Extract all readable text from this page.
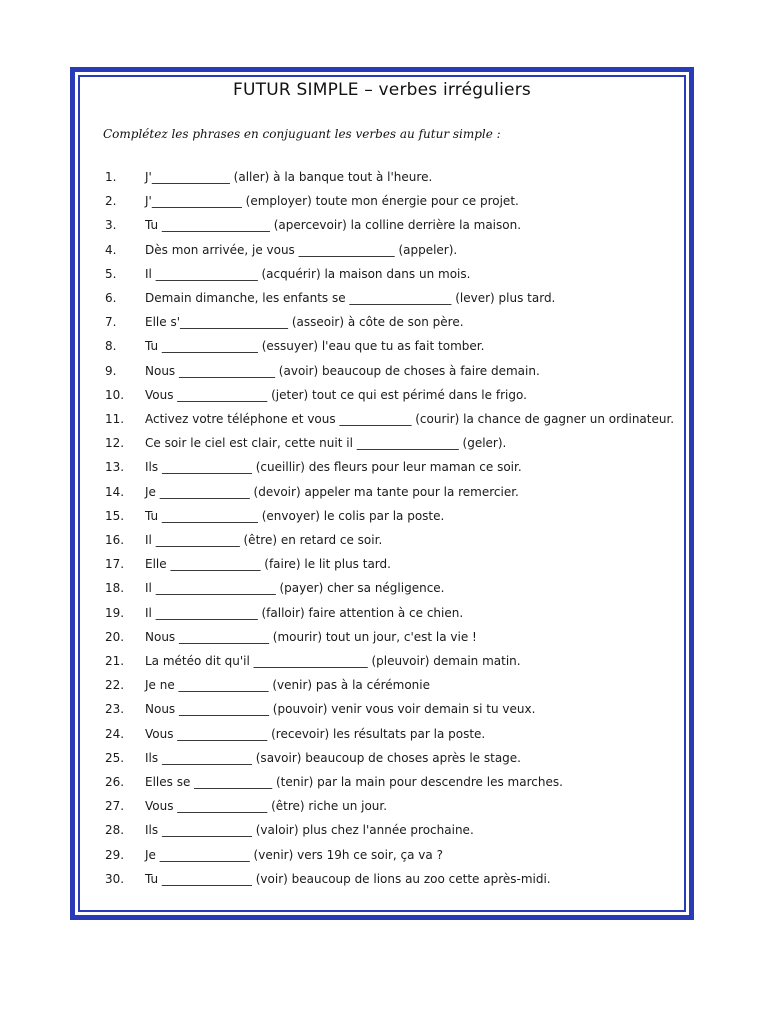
FUTUR SIMPLE – verbes irréguliers
Complétez les phrases en conjuguant les verbes au futur simple :
1.	J'_____________ (aller) à la banque tout à l'heure.
2.	J'_______________ (employer) toute mon énergie pour ce projet.
3.	Tu __________________ (apercevoir) la colline derrière la maison.
4.	Dès mon arrivée, je vous ________________ (appeler).
5.	Il _________________ (acquérir) la maison dans un mois.
6.	Demain dimanche, les enfants se _________________ (lever) plus tard.
7.	Elle s'__________________ (asseoir) à côte de son père.
8.	Tu ________________ (essuyer) l'eau que tu as fait tomber.
9.	Nous ________________ (avoir) beaucoup de choses à faire demain.
10.	Vous _______________ (jeter) tout ce qui est périmé dans le frigo.
11.	Activez votre téléphone et vous ____________ (courir) la chance de gagner un ordinateur.
12.	Ce soir le ciel est clair, cette nuit il _________________ (geler).
13.	Ils _______________ (cueillir) des fleurs pour leur maman ce soir.
14.	Je _______________ (devoir) appeler ma tante pour la remercier.
15.	Tu ________________ (envoyer) le colis par la poste.
16.	Il ______________ (être) en retard ce soir.
17.	Elle _______________ (faire) le lit plus tard.
18.	Il ____________________ (payer) cher sa négligence.
19.	Il _________________ (falloir) faire attention à ce chien.
20.	Nous _______________ (mourir) tout un jour, c'est la vie !
21.	La météo dit qu'il ___________________ (pleuvoir) demain matin.
22.	Je ne _______________ (venir) pas à la cérémonie
23.	Nous _______________ (pouvoir) venir vous voir demain si tu veux.
24.	Vous _______________ (recevoir) les résultats par la poste.
25.	Ils _______________ (savoir) beaucoup de choses après le stage.
26.	Elles se _____________ (tenir) par la main pour descendre les marches.
27.	Vous _______________ (être) riche un jour.
28.	Ils _______________ (valoir) plus chez l'année prochaine.
29.	Je _______________ (venir) vers 19h ce soir, ça va ?
30.	Tu _______________ (voir) beaucoup de lions au zoo cette après-midi.
